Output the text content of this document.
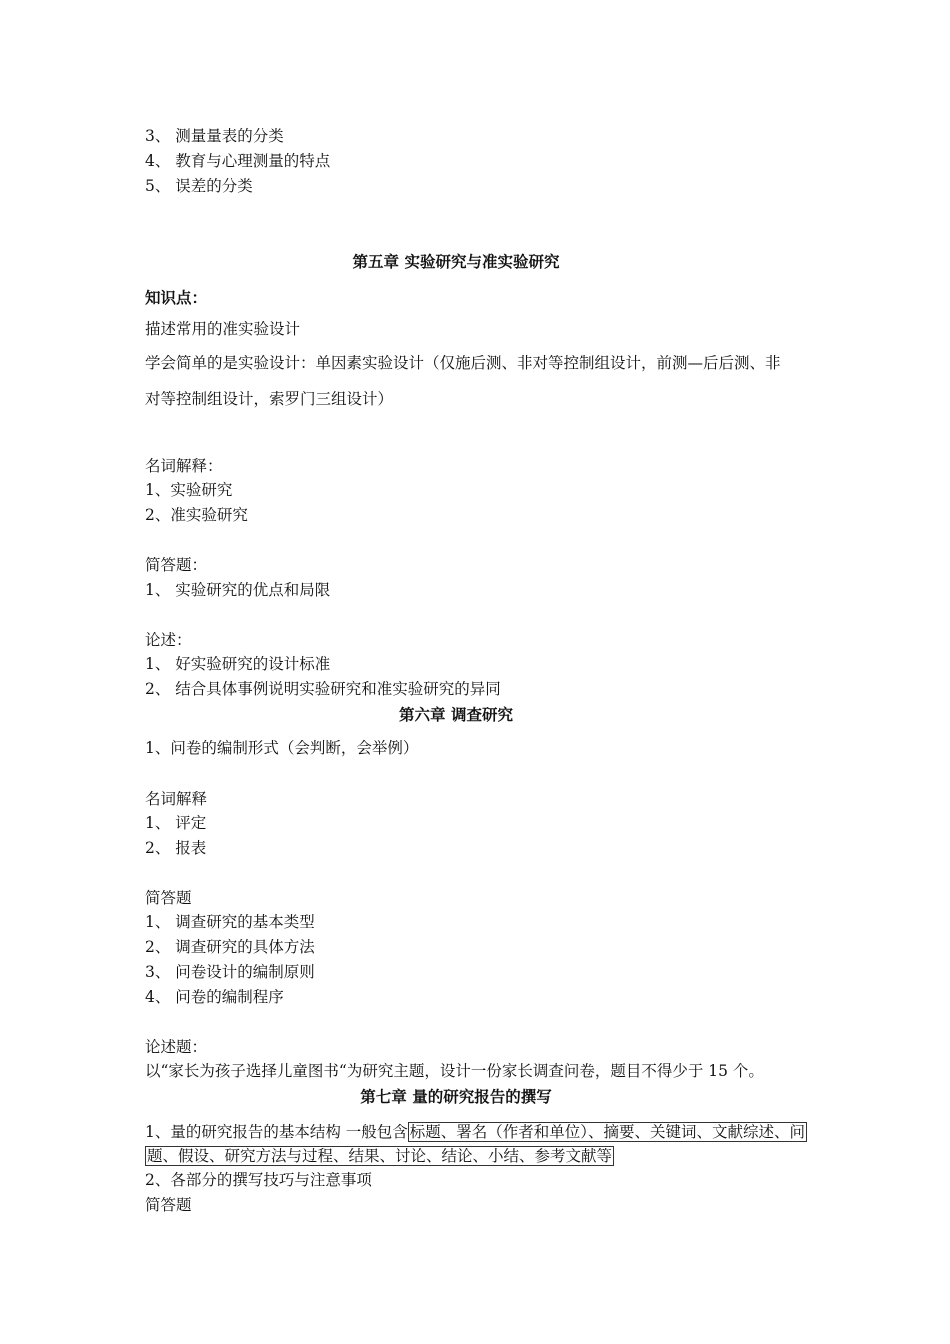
3、 测量量表的分类
4、 教育与心理测量的特点
5、 误差的分类
第五章 实验研究与准实验研究
知识点：
描述常用的准实验设计
学会简单的是实验设计：单因素实验设计（仅施后测、非对等控制组设计，前测—后后测、非
对等控制组设计，索罗门三组设计）
名词解释：
1、实验研究
2、准实验研究
简答题：
1、 实验研究的优点和局限
论述：
1、 好实验研究的设计标准
2、 结合具体事例说明实验研究和准实验研究的异同
第六章 调查研究
1、问卷的编制形式（会判断，会举例）
名词解释
1、 评定
2、 报表
简答题
1、 调查研究的基本类型
2、 调查研究的具体方法
3、 问卷设计的编制原则
4、 问卷的编制程序
论述题：
以“家长为孩子选择儿童图书“为研究主题，设计一份家长调查问卷，题目不得少于 15 个。
第七章 量的研究报告的撰写
1、量的研究报告的基本结构 一般包含 标题、署名（作者和单位）、摘要、关键词、文献综述、问
题、假设、研究方法与过程、结果、讨论、结论、小结、参考文献等
2、各部分的撰写技巧与注意事项
简答题
